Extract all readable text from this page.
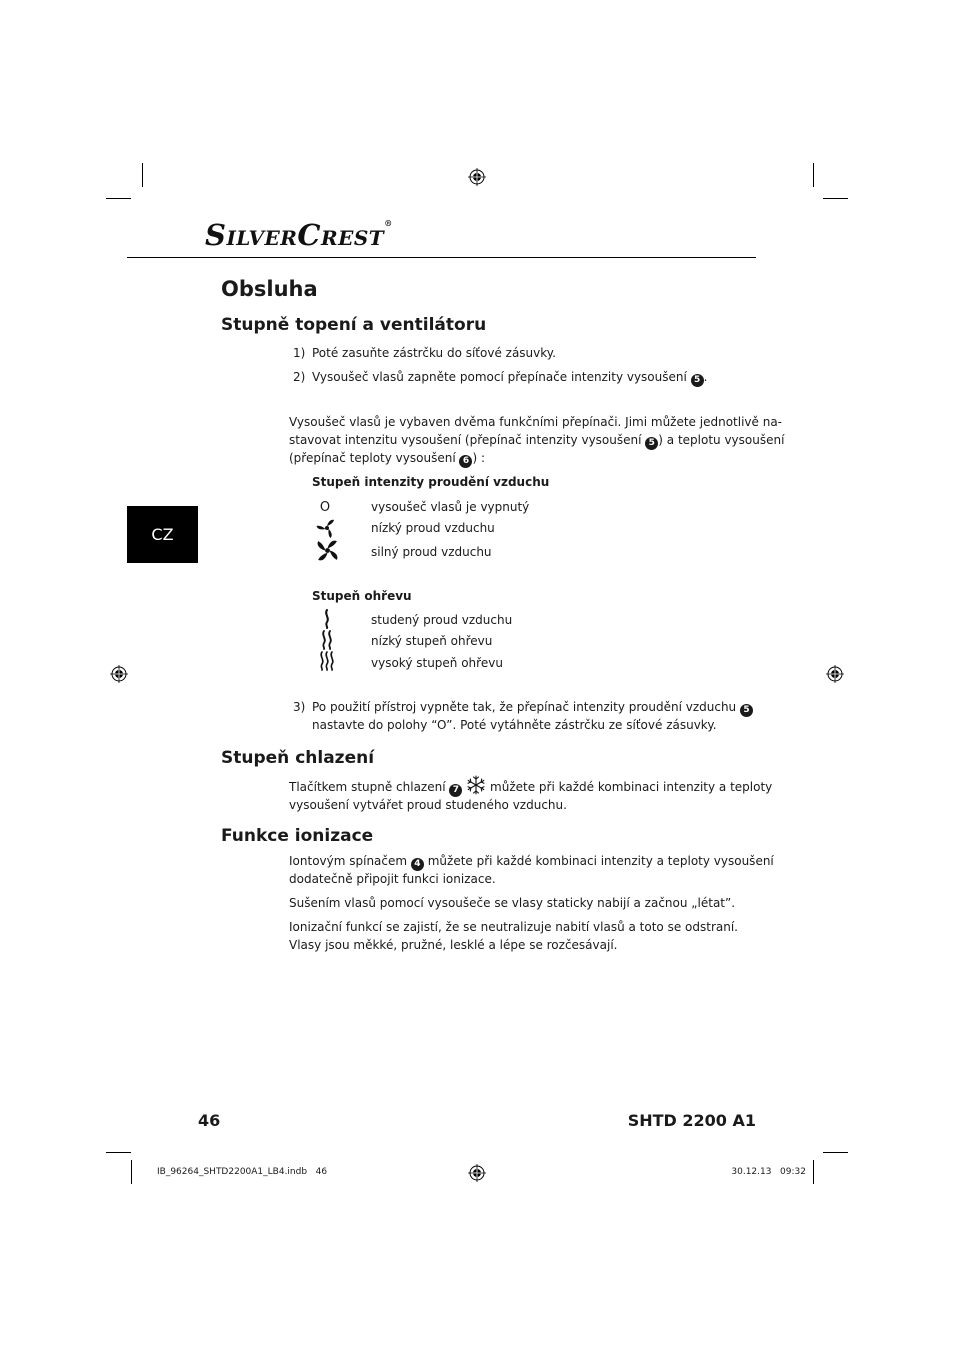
SILVERCREST®
Obsluha
CZ
Stupně topení a ventilátoru
1) Poté zasuňte zástrčku do síťové zásuvky.
2) Vysoušeč vlasů zapněte pomocí přepínače intenzity vysoušení 5 .
Vysoušeč vlasů je vybaven dvěma funkčními přepínači. Jimi můžete jednotlivě na-
stavovat intenzitu vysoušení (přepínač intenzity vysoušení 5 ) a teplotu vysoušení
(přepínač teploty vysoušení 6 ) :
Stupeň intenzity proudění vzduchu
O	vysoušeč vlasů je vypnutý
nízký proud vzduchu
silný proud vzduchu
Stupeň ohřevu
studený proud vzduchu
nízký stupeň ohřevu
vysoký stupeň ohřevu
3) Po použití přístroj vypněte tak, že přepínač intenzity proudění vzduchu 5
nastavte do polohy “O”. Poté vytáhněte zástrčku ze síťové zásuvky.
Stupeň chlazení
Tlačítkem stupně chlazení 7	můžete při každé kombinaci intenzity a teploty
vysoušení vytvářet proud studeného vzduchu.
Funkce ionizace
Iontovým spínačem 4 můžete při každé kombinaci intenzity a teploty vysoušení
dodatečně připojit funkci ionizace.
Sušením vlasů pomocí vysoušeče se vlasy staticky nabijí a začnou „létat”.
Ionizační funkcí se zajistí, že se neutralizuje nabití vlasů a toto se odstraní.
Vlasy jsou měkké, pružné, lesklé a lépe se rozčesávají.
46	SHTD 2200 A1
IB_96264_SHTD2200A1_LB4.indb   46	30.12.13   09:32
